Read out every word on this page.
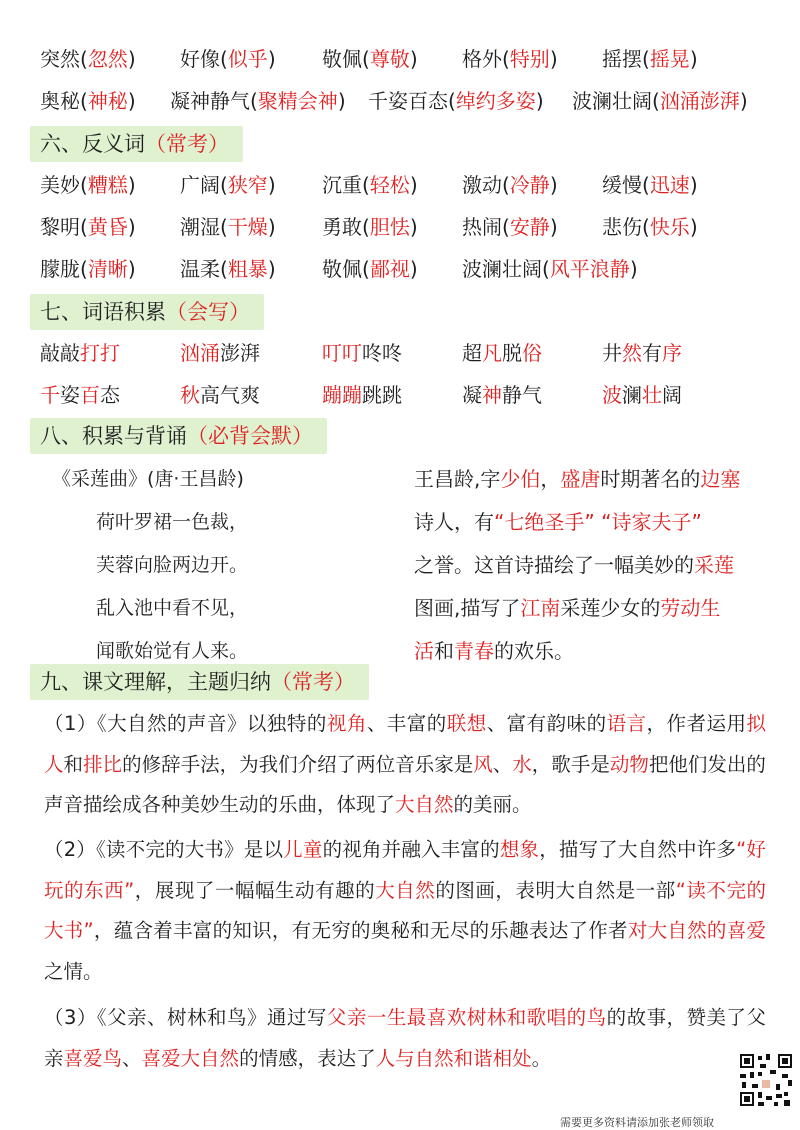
突然(忽然) 好像(似乎) 敬佩(尊敬) 格外(特别) 摇摆(摇晃)
奥秘(神秘) 凝神静气(聚精会神) 千姿百态(绰约多姿) 波澜壮阔(汹涌澎湃)
六、反义词（常考）
美妙(糟糕) 广阔(狭窄) 沉重(轻松) 激动(冷静) 缓慢(迅速)
黎明(黄昏) 潮湿(干燥) 勇敢(胆怯) 热闹(安静) 悲伤(快乐)
朦胧(清晰) 温柔(粗暴) 敬佩(鄙视) 波澜壮阔(风平浪静)
七、词语积累（会写）
敲敲打打	汹涌澎湃	叮叮咚咚	超凡脱俗	井然有序
千姿百态	秋高气爽	蹦蹦跳跳	凝神静气	波澜壮阔
八、积累与背诵（必背会默）
《采莲曲》(唐·王昌龄)
荷叶罗裙一色裁，
芙蓉向脸两边开。
乱入池中看不见，
闻歌始觉有人来。
王昌龄,字少伯，盛唐时期著名的边塞
诗人，有“七绝圣手” “诗家夫子”
之誉。这首诗描绘了一幅美妙的采莲
图画,描写了江南采莲少女的劳动生
活和青春的欢乐。
九、课文理解，主题归纳（常考）
（1）《大自然的声音》以独特的视角、丰富的联想、富有韵味的语言，作者运用拟人和排比的修辞手法，为我们介绍了两位音乐家是风、水，歌手是动物把他们发出的声音描绘成各种美妙生动的乐曲，体现了大自然的美丽。
（2）《读不完的大书》是以儿童的视角并融入丰富的想象，描写了大自然中许多“好玩的东西”，展现了一幅幅生动有趣的大自然的图画，表明大自然是一部“读不完的大书”，蕴含着丰富的知识，有无穷的奥秘和无尽的乐趣表达了作者对大自然的喜爱之情。
（3）《父亲、树林和鸟》通过写父亲一生最喜欢树林和歌唱的鸟的故事，赞美了父亲喜爱鸟、喜爱大自然的情感，表达了人与自然和谐相处。
需要更多资料请添加张老师领取
